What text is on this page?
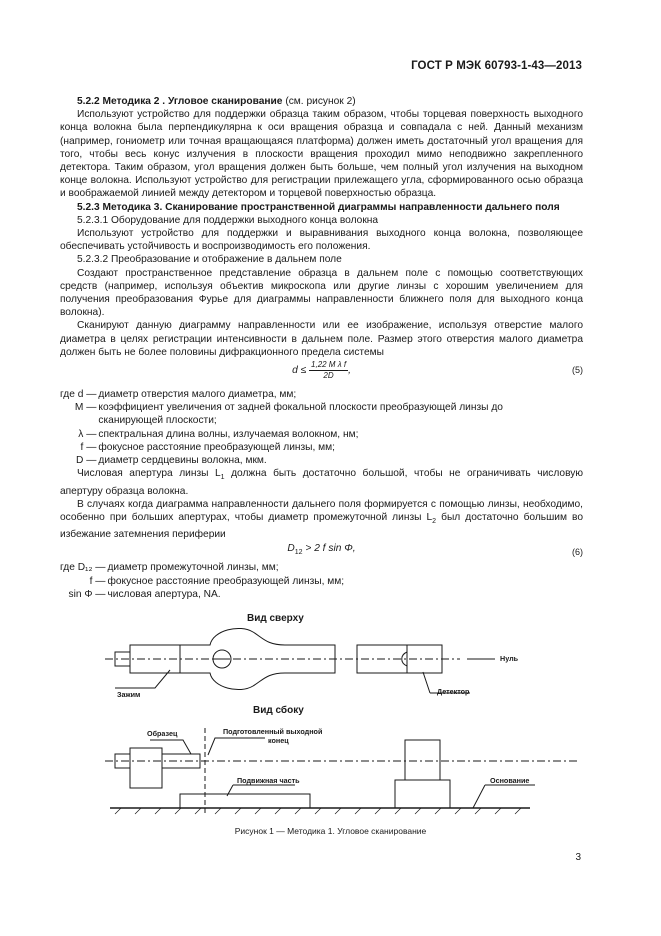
ГОСТ Р МЭК 60793-1-43—2013

5.2.2 Методика 2 . Угловое сканирование (см. рисунок 2)

Используют устройство для поддержки образца таким образом, чтобы торцевая поверхность выходного конца волокна была перпендикулярна к оси вращения образца и совпадала с ней. Данный механизм (например, гониометр или точная вращающаяся платформа) должен иметь достаточный угол вращения для того, чтобы весь конус излучения в плоскости вращения проходил мимо неподвижно закрепленного детектора. Таким образом, угол вращения должен быть больше, чем полный угол излучения на выходном конце волокна. Используют устройство для регистрации прилежащего угла, сформированного осью образца и воображаемой линией между детектором и торцевой поверхностью образца.

5.2.3 Методика 3. Сканирование пространственной диаграммы направленности дальнего поля

5.2.3.1 Оборудование для поддержки выходного конца волокна

Используют устройство для поддержки и выравнивания выходного конца волокна, позволяющее обеспечивать устойчивость и воспроизводимость его положения.

5.2.3.2 Преобразование и отображение в дальнем поле

Создают пространственное представление образца в дальнем поле с помощью соответствующих средств (например, используя объектив микроскопа или другие линзы с хорошим увеличением для получения преобразования Фурье для диаграммы направленности ближнего поля для выходного конца волокна).

Сканируют данную диаграмму направленности или ее изображение, используя отверстие малого диаметра в целях регистрации интенсивности в дальнем поле. Размер этого отверстия малого диаметра должен быть не более половины дифракционного предела системы

$d \le \frac{\text{1,22 M λ f}}{2D}$ ,	(5)
где d —	диаметр отверстия малого диаметра, мм;
M —	коэффициент увеличения от задней фокальной плоскости преобразующей линзы до сканирующей плоскости;
λ —	спектральная длина волны, излучаемая волокном, нм;
f —	фокусное расстояние преобразующей линзы, мм;
D —	диаметр сердцевины волокна, мкм.

Числовая апертура линзы $L_1$ должна быть достаточно большой, чтобы не ограничивать числовую апертуру образца волокна.

В случаях когда диаграмма направленности дальнего поля формируется с помощью линзы, необходимо, особенно при больших апертурах, чтобы диаметр промежуточной линзы $L_2$ был достаточно большим во избежание затемнения периферии

$D_{12} > 2$ f sin Φ,	(6)
где D₁₂ —	диаметр промежуточной линзы, мм;
f —	фокусное расстояние преобразующей линзы, мм;
sin Φ —	числовая апертура, NA.
Вид сверху
Вид сбоку
Зажим	Детектор
Нуль
Образец	Подготовленный выходной
конец
Подвижная часть	Основание
Рисунок 1 — Методика 1. Угловое сканирование
3
